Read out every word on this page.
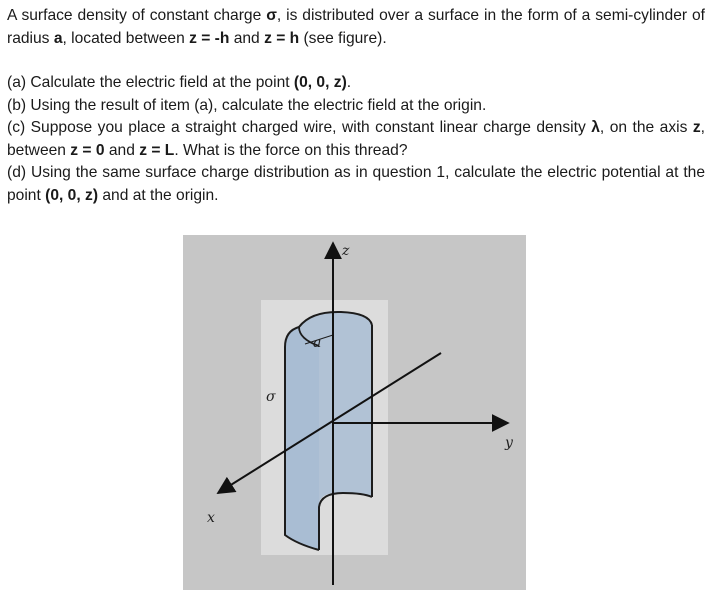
A surface density of constant charge σ, is distributed over a surface in the form of a semi-cylinder of radius a, located between z = -h and z = h (see figure).

(a) Calculate the electric field at the point (0, 0, z).

(b) Using the result of item (a), calculate the electric field at the origin.

(c) Suppose you place a straight charged wire, with constant linear charge density λ, on the axis z, between z = 0 and z = L. What is the force on this thread?

(d) Using the same surface charge distribution as in question 1, calculate the electric potential at the point (0, 0, z) and at the origin.

a
z
y
x
σ
